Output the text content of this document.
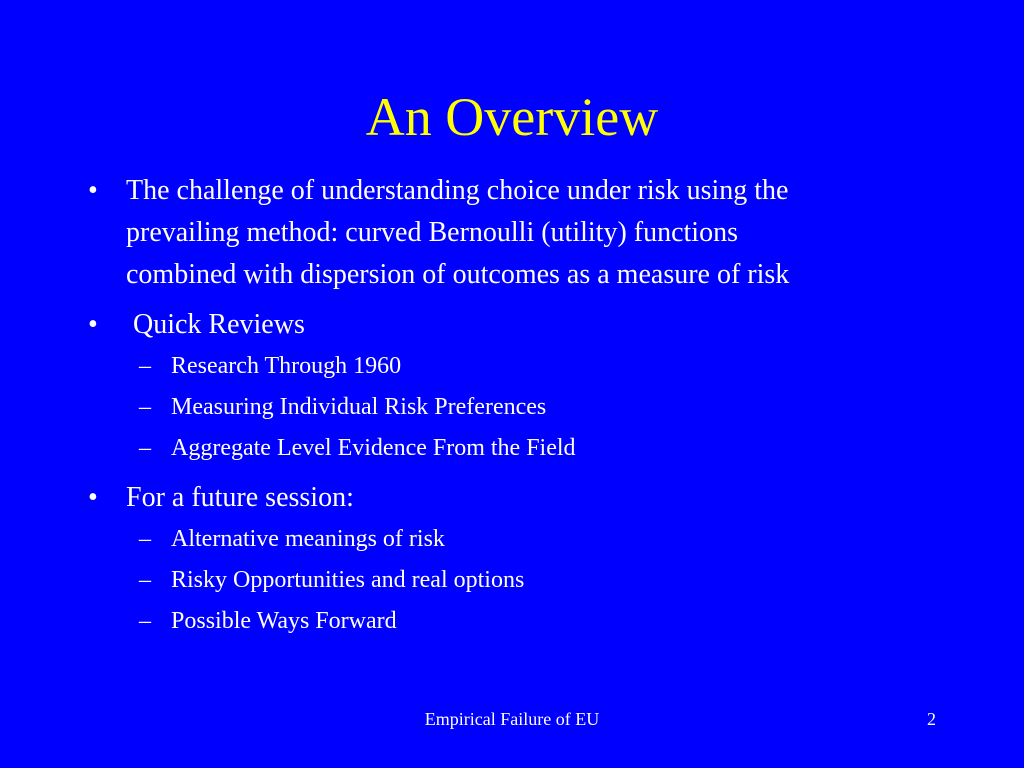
An Overview
• The challenge of understanding choice under risk using the
prevailing method: curved Bernoulli (utility) functions
combined with dispersion of outcomes as a measure of risk
• Quick Reviews
– Research Through 1960
– Measuring Individual Risk Preferences
– Aggregate Level Evidence From the Field
• For a future session:
– Alternative meanings of risk
– Risky Opportunities and real options
– Possible Ways Forward
Empirical Failure of EU	2
